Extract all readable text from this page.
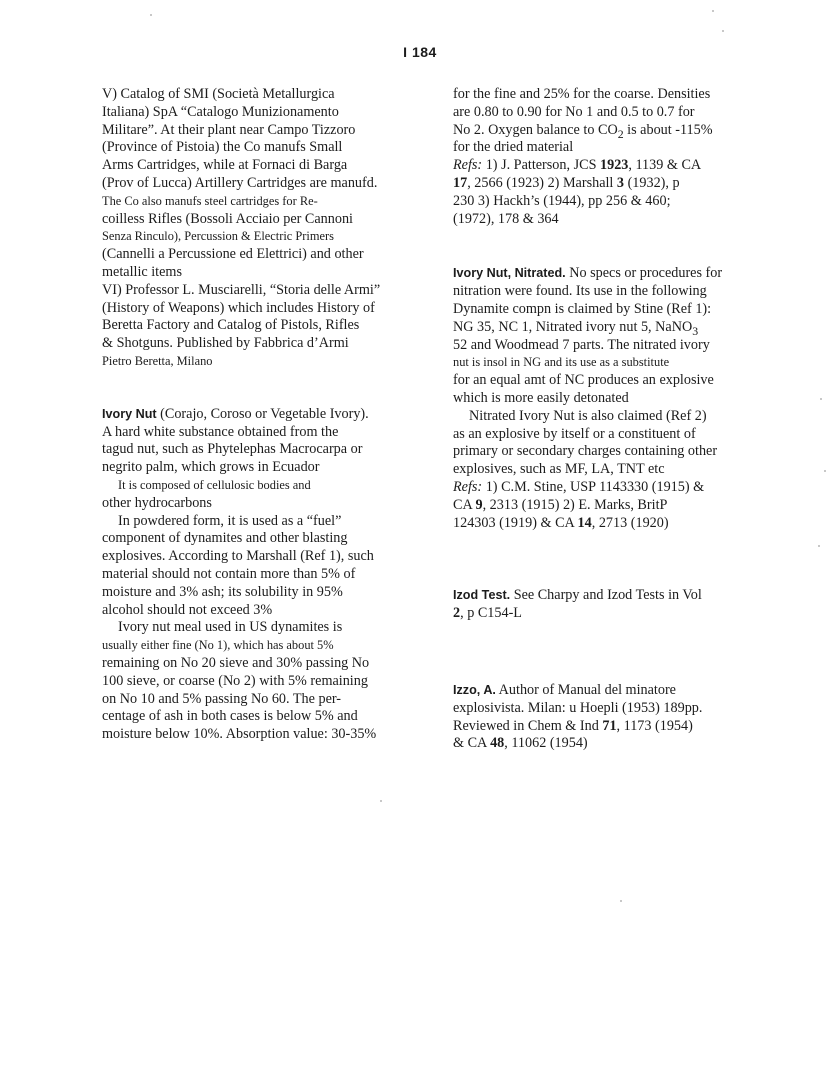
I 184
V) Catalog of SMI (Società Metallurgica
Italiana) SpA “Catalogo Munizionamento
Militare”. At their plant near Campo Tizzoro
(Province of Pistoia) the Co manufs Small
Arms Cartridges, while at Fornaci di Barga
(Prov of Lucca) Artillery Cartridges are manufd.
The Co also manufs steel cartridges for Re-
coilless Rifles (Bossoli Acciaio per Cannoni
Senza Rinculo), Percussion & Electric Primers
(Cannelli a Percussione ed Elettrici) and other
metallic items
VI) Professor L. Musciarelli, “Storia delle Armi”
(History of Weapons) which includes History of
Beretta Factory and Catalog of Pistols, Rifles
& Shotguns. Published by Fabbrica d’Armi
Pietro Beretta, Milano
Ivory Nut (Corajo, Coroso or Vegetable Ivory).
A hard white substance obtained from the
tagud nut, such as Phytelephas Macrocarpa or
negrito palm, which grows in Ecuador
It is composed of cellulosic bodies and
other hydrocarbons
In powdered form, it is used as a “fuel”
component of dynamites and other blasting
explosives. According to Marshall (Ref 1), such
material should not contain more than 5% of
moisture and 3% ash; its solubility in 95%
alcohol should not exceed 3%
Ivory nut meal used in US dynamites is
usually either fine (No 1), which has about 5%
remaining on No 20 sieve and 30% passing No
100 sieve, or coarse (No 2) with 5% remaining
on No 10 and 5% passing No 60. The per-
centage of ash in both cases is below 5% and
moisture below 10%. Absorption value: 30-35%
for the fine and 25% for the coarse. Densities
are 0.80 to 0.90 for No 1 and 0.5 to 0.7 for
No 2. Oxygen balance to $CO_2$ is about -115%
for the dried material
Refs: 1) J. Patterson, JCS 1923, 1139 & CA
17, 2566 (1923) 2) Marshall 3 (1932), p
230 3) Hackh’s (1944), pp 256 & 460;
(1972), 178 & 364
Ivory Nut, Nitrated. No specs or procedures for
nitration were found. Its use in the following
Dynamite compn is claimed by Stine (Ref 1):
NG 35, NC 1, Nitrated ivory nut 5, NaNO$_3$
52 and Woodmead 7 parts. The nitrated ivory
nut is insol in NG and its use as a substitute
for an equal amt of NC produces an explosive
which is more easily detonated
Nitrated Ivory Nut is also claimed (Ref 2)
as an explosive by itself or a constituent of
primary or secondary charges containing other
explosives, such as MF, LA, TNT etc
Refs: 1) C.M. Stine, USP 1143330 (1915) &
CA 9, 2313 (1915) 2) E. Marks, BritP
124303 (1919) & CA 14, 2713 (1920)
Izod Test. See Charpy and Izod Tests in Vol
2, p C154-L
Izzo, A. Author of Manual del minatore
explosivista. Milan: u Hoepli (1953) 189pp.
Reviewed in Chem & Ind 71, 1173 (1954)
& CA 48, 11062 (1954)
